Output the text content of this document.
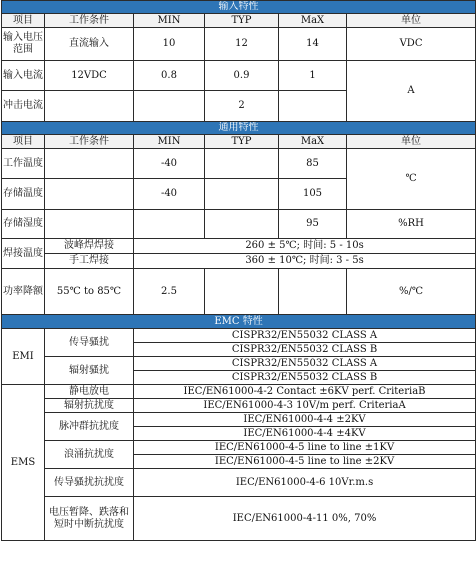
输入特性					
项目	工作条件	MIN	TYP	MaX	单位
输入电压范围	直流输入	10	12	14	VDC
输入电流	12VDC	0.8	0.9	1	A
冲击电流			2		
通用特性					
项目	工作条件	MIN	TYP	MaX	单位
工作温度		-40		85	℃
存储温度		-40		105	
存储湿度				95	%RH
焊接温度	波峰焊焊接	260 ± 5℃; 时间: 5 - 10s			
	手工焊接	360 ± 10℃; 时间: 3 - 5s			
功率降额	55℃ to 85℃	2.5			%/℃
EMC 特性					
EMI	传导骚扰	CISPR32/EN55032 CLASS A			
		CISPR32/EN55032 CLASS B			
	辐射骚扰	CISPR32/EN55032 CLASS A			
		CISPR32/EN55032 CLASS B			
EMS	静电放电	IEC/EN61000-4-2 Contact ±6KV perf. CriteriaB			
	辐射抗扰度	IEC/EN61000-4-3 10V/m perf. CriteriaA			
	脉冲群抗扰度	IEC/EN61000-4-4 ±2KV			
		IEC/EN61000-4-4 ±4KV			
	浪涌抗扰度	IEC/EN61000-4-5 line to line ±1KV			
		IEC/EN61000-4-5 line to line ±2KV			
	传导骚扰抗扰度	IEC/EN61000-4-6 10Vr.m.s			
	电压暂降、跌落和短时中断抗扰度	IEC/EN61000-4-11 0%, 70%			
